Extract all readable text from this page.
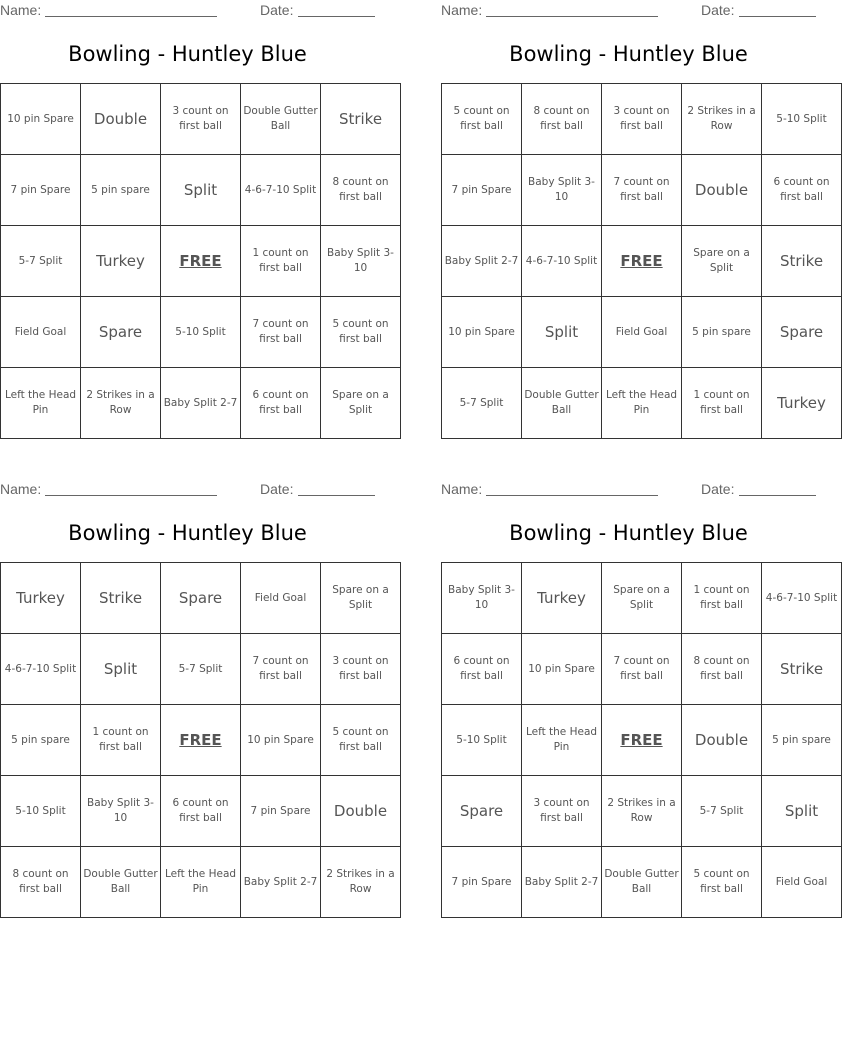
Name:	Date:
Bowling - Huntley Blue
10 pin Spare	Double	3 count on first ball	Double Gutter Ball	Strike
7 pin Spare	5 pin spare	Split	4-6-7-10 Split	8 count on first ball
5-7 Split	Turkey	FREE	1 count on first ball	Baby Split 3-10
Field Goal	Spare	5-10 Split	7 count on first ball	5 count on first ball
Left the Head Pin	2 Strikes in a Row	Baby Split 2-7	6 count on first ball	Spare on a Split
Name:	Date:
Bowling - Huntley Blue
5 count on first ball	8 count on first ball	3 count on first ball	2 Strikes in a Row	5-10 Split
7 pin Spare	Baby Split 3-10	7 count on first ball	Double	6 count on first ball
Baby Split 2-7	4-6-7-10 Split	FREE	Spare on a Split	Strike
10 pin Spare	Split	Field Goal	5 pin spare	Spare
5-7 Split	Double Gutter Ball	Left the Head Pin	1 count on first ball	Turkey
Name:	Date:
Bowling - Huntley Blue
Turkey	Strike	Spare	Field Goal	Spare on a Split
4-6-7-10 Split	Split	5-7 Split	7 count on first ball	3 count on first ball
5 pin spare	1 count on first ball	FREE	10 pin Spare	5 count on first ball
5-10 Split	Baby Split 3-10	6 count on first ball	7 pin Spare	Double
8 count on first ball	Double Gutter Ball	Left the Head Pin	Baby Split 2-7	2 Strikes in a Row
Name:	Date:
Bowling - Huntley Blue
Baby Split 3-10	Turkey	Spare on a Split	1 count on first ball	4-6-7-10 Split
6 count on first ball	10 pin Spare	7 count on first ball	8 count on first ball	Strike
5-10 Split	Left the Head Pin	FREE	Double	5 pin spare
Spare	3 count on first ball	2 Strikes in a Row	5-7 Split	Split
7 pin Spare	Baby Split 2-7	Double Gutter Ball	5 count on first ball	Field Goal
